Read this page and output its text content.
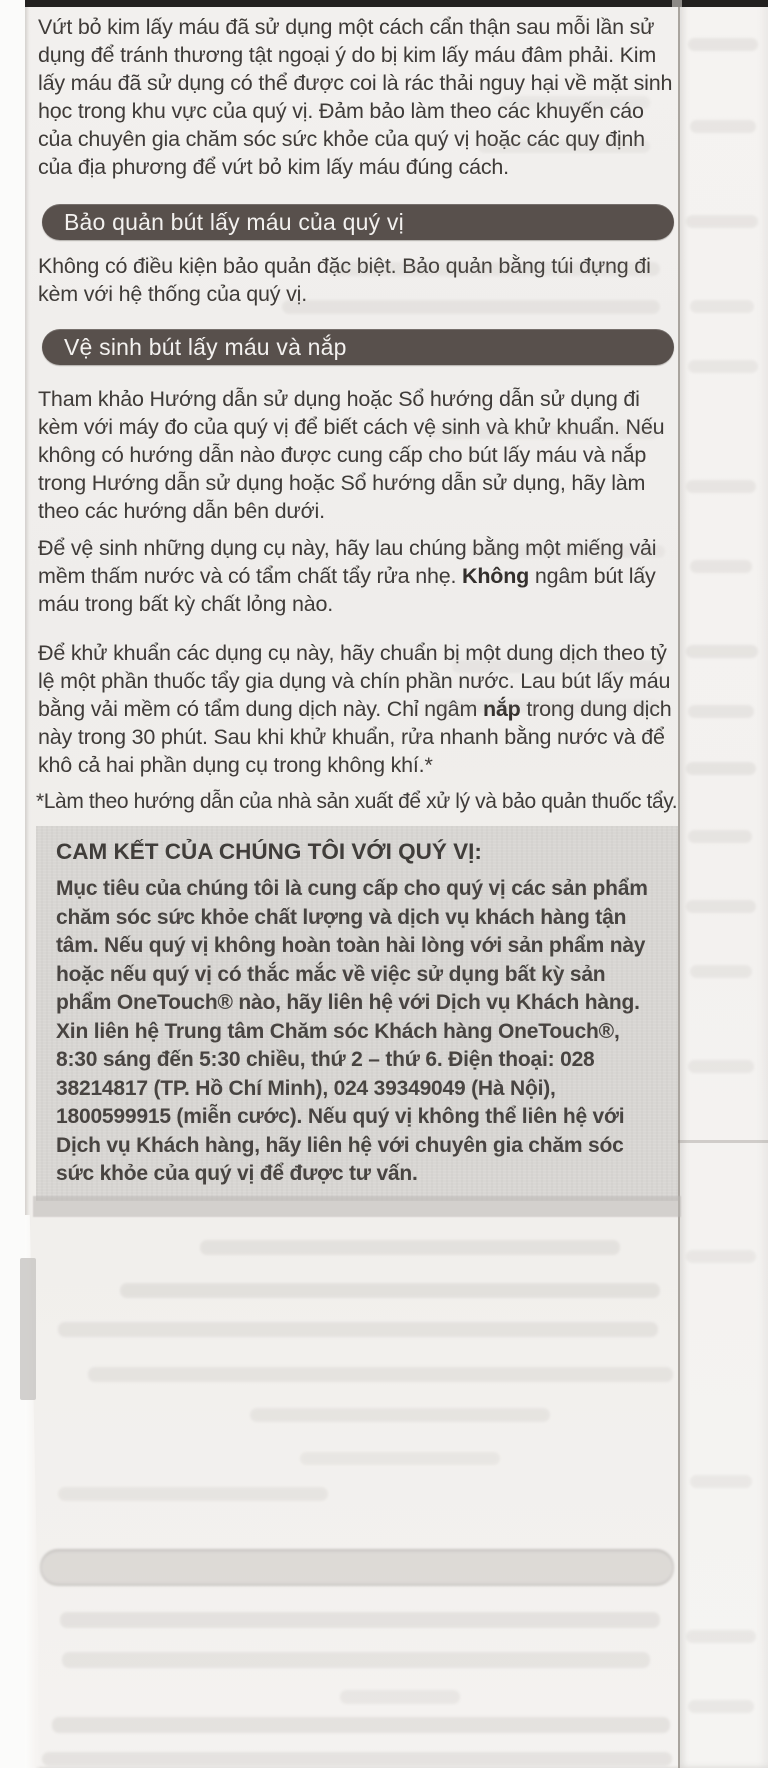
Vứt bỏ kim lấy máu đã sử dụng một cách cẩn thận sau mỗi lần sử dụng để tránh thương tật ngoại ý do bị kim lấy máu đâm phải. Kim lấy máu đã sử dụng có thể được coi là rác thải nguy hại về mặt sinh học trong khu vực của quý vị. Đảm bảo làm theo các khuyến cáo của chuyên gia chăm sóc sức khỏe của quý vị hoặc các quy định của địa phương để vứt bỏ kim lấy máu đúng cách.

Bảo quản bút lấy máu của quý vị

Không có điều kiện bảo quản đặc biệt. Bảo quản bằng túi đựng đi kèm với hệ thống của quý vị.

Vệ sinh bút lấy máu và nắp

Tham khảo Hướng dẫn sử dụng hoặc Sổ hướng dẫn sử dụng đi kèm với máy đo của quý vị để biết cách vệ sinh và khử khuẩn. Nếu không có hướng dẫn nào được cung cấp cho bút lấy máu và nắp trong Hướng dẫn sử dụng hoặc Sổ hướng dẫn sử dụng, hãy làm theo các hướng dẫn bên dưới.

Để vệ sinh những dụng cụ này, hãy lau chúng bằng một miếng vải mềm thấm nước và có tẩm chất tẩy rửa nhẹ. Không ngâm bút lấy máu trong bất kỳ chất lỏng nào.

Để khử khuẩn các dụng cụ này, hãy chuẩn bị một dung dịch theo tỷ lệ một phần thuốc tẩy gia dụng và chín phần nước. Lau bút lấy máu bằng vải mềm có tẩm dung dịch này. Chỉ ngâm nắp trong dung dịch này trong 30 phút. Sau khi khử khuẩn, rửa nhanh bằng nước và để khô cả hai phần dụng cụ trong không khí.*

*Làm theo hướng dẫn của nhà sản xuất để xử lý và bảo quản thuốc tẩy.

CAM KẾT CỦA CHÚNG TÔI VỚI QUÝ VỊ:

Mục tiêu của chúng tôi là cung cấp cho quý vị các sản phẩm chăm sóc sức khỏe chất lượng và dịch vụ khách hàng tận tâm. Nếu quý vị không hoàn toàn hài lòng với sản phẩm này hoặc nếu quý vị có thắc mắc về việc sử dụng bất kỳ sản phẩm OneTouch® nào, hãy liên hệ với Dịch vụ Khách hàng. Xin liên hệ Trung tâm Chăm sóc Khách hàng OneTouch®, 8:30 sáng đến 5:30 chiều, thứ 2 – thứ 6. Điện thoại: 028 38214817 (TP. Hồ Chí Minh), 024 39349049 (Hà Nội), 1800599915 (miễn cước). Nếu quý vị không thể liên hệ với Dịch vụ Khách hàng, hãy liên hệ với chuyên gia chăm sóc sức khỏe của quý vị để được tư vấn.
